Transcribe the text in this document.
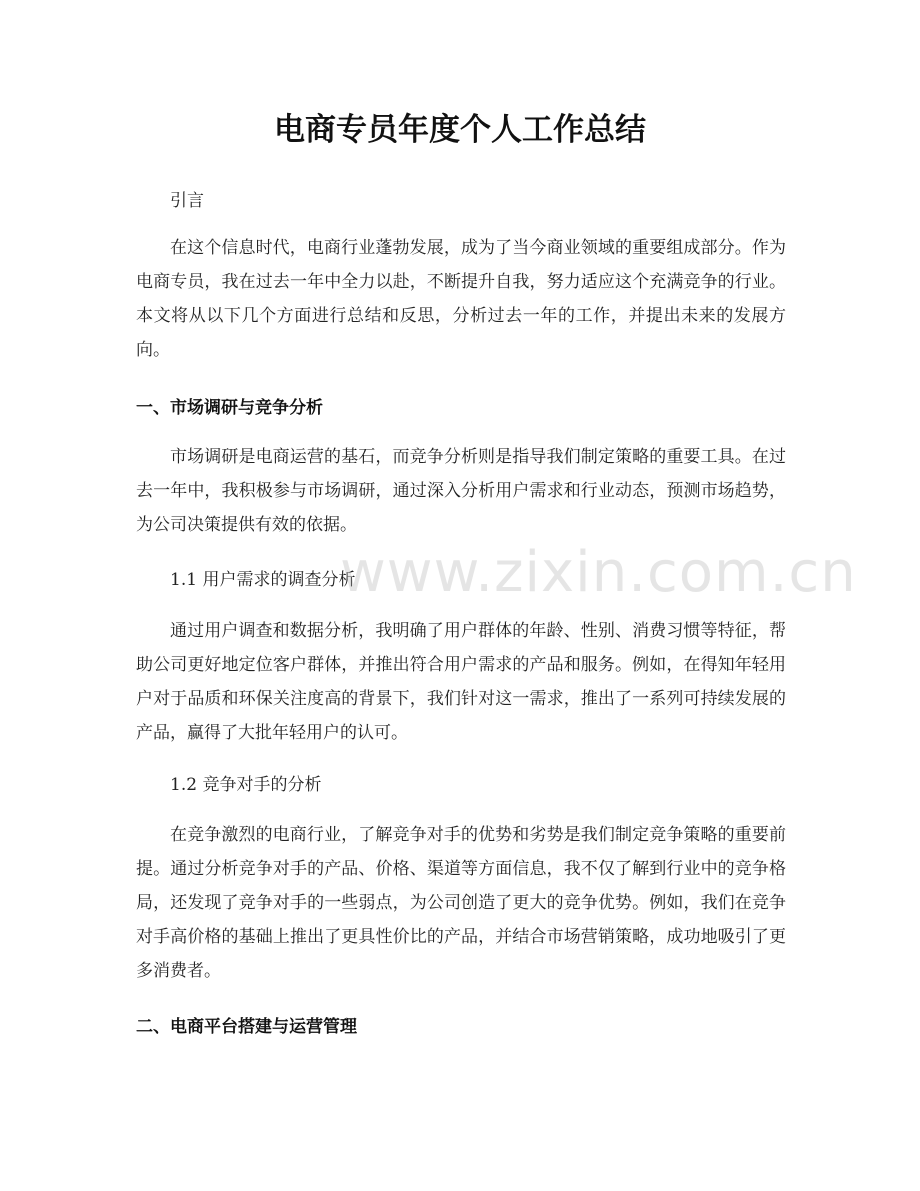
电商专员年度个人工作总结
引言
在这个信息时代，电商行业蓬勃发展，成为了当今商业领域的重要组成部分。作为电商专员，我在过去一年中全力以赴，不断提升自我，努力适应这个充满竞争的行业。本文将从以下几个方面进行总结和反思，分析过去一年的工作，并提出未来的发展方向。
一、市场调研与竞争分析
市场调研是电商运营的基石，而竞争分析则是指导我们制定策略的重要工具。在过去一年中，我积极参与市场调研，通过深入分析用户需求和行业动态，预测市场趋势，为公司决策提供有效的依据。
1.1 用户需求的调查分析
通过用户调查和数据分析，我明确了用户群体的年龄、性别、消费习惯等特征，帮助公司更好地定位客户群体，并推出符合用户需求的产品和服务。例如，在得知年轻用户对于品质和环保关注度高的背景下，我们针对这一需求，推出了一系列可持续发展的产品，赢得了大批年轻用户的认可。
1.2 竞争对手的分析
在竞争激烈的电商行业，了解竞争对手的优势和劣势是我们制定竞争策略的重要前提。通过分析竞争对手的产品、价格、渠道等方面信息，我不仅了解到行业中的竞争格局，还发现了竞争对手的一些弱点，为公司创造了更大的竞争优势。例如，我们在竞争对手高价格的基础上推出了更具性价比的产品，并结合市场营销策略，成功地吸引了更多消费者。
二、电商平台搭建与运营管理
www.zixin.com.cn
